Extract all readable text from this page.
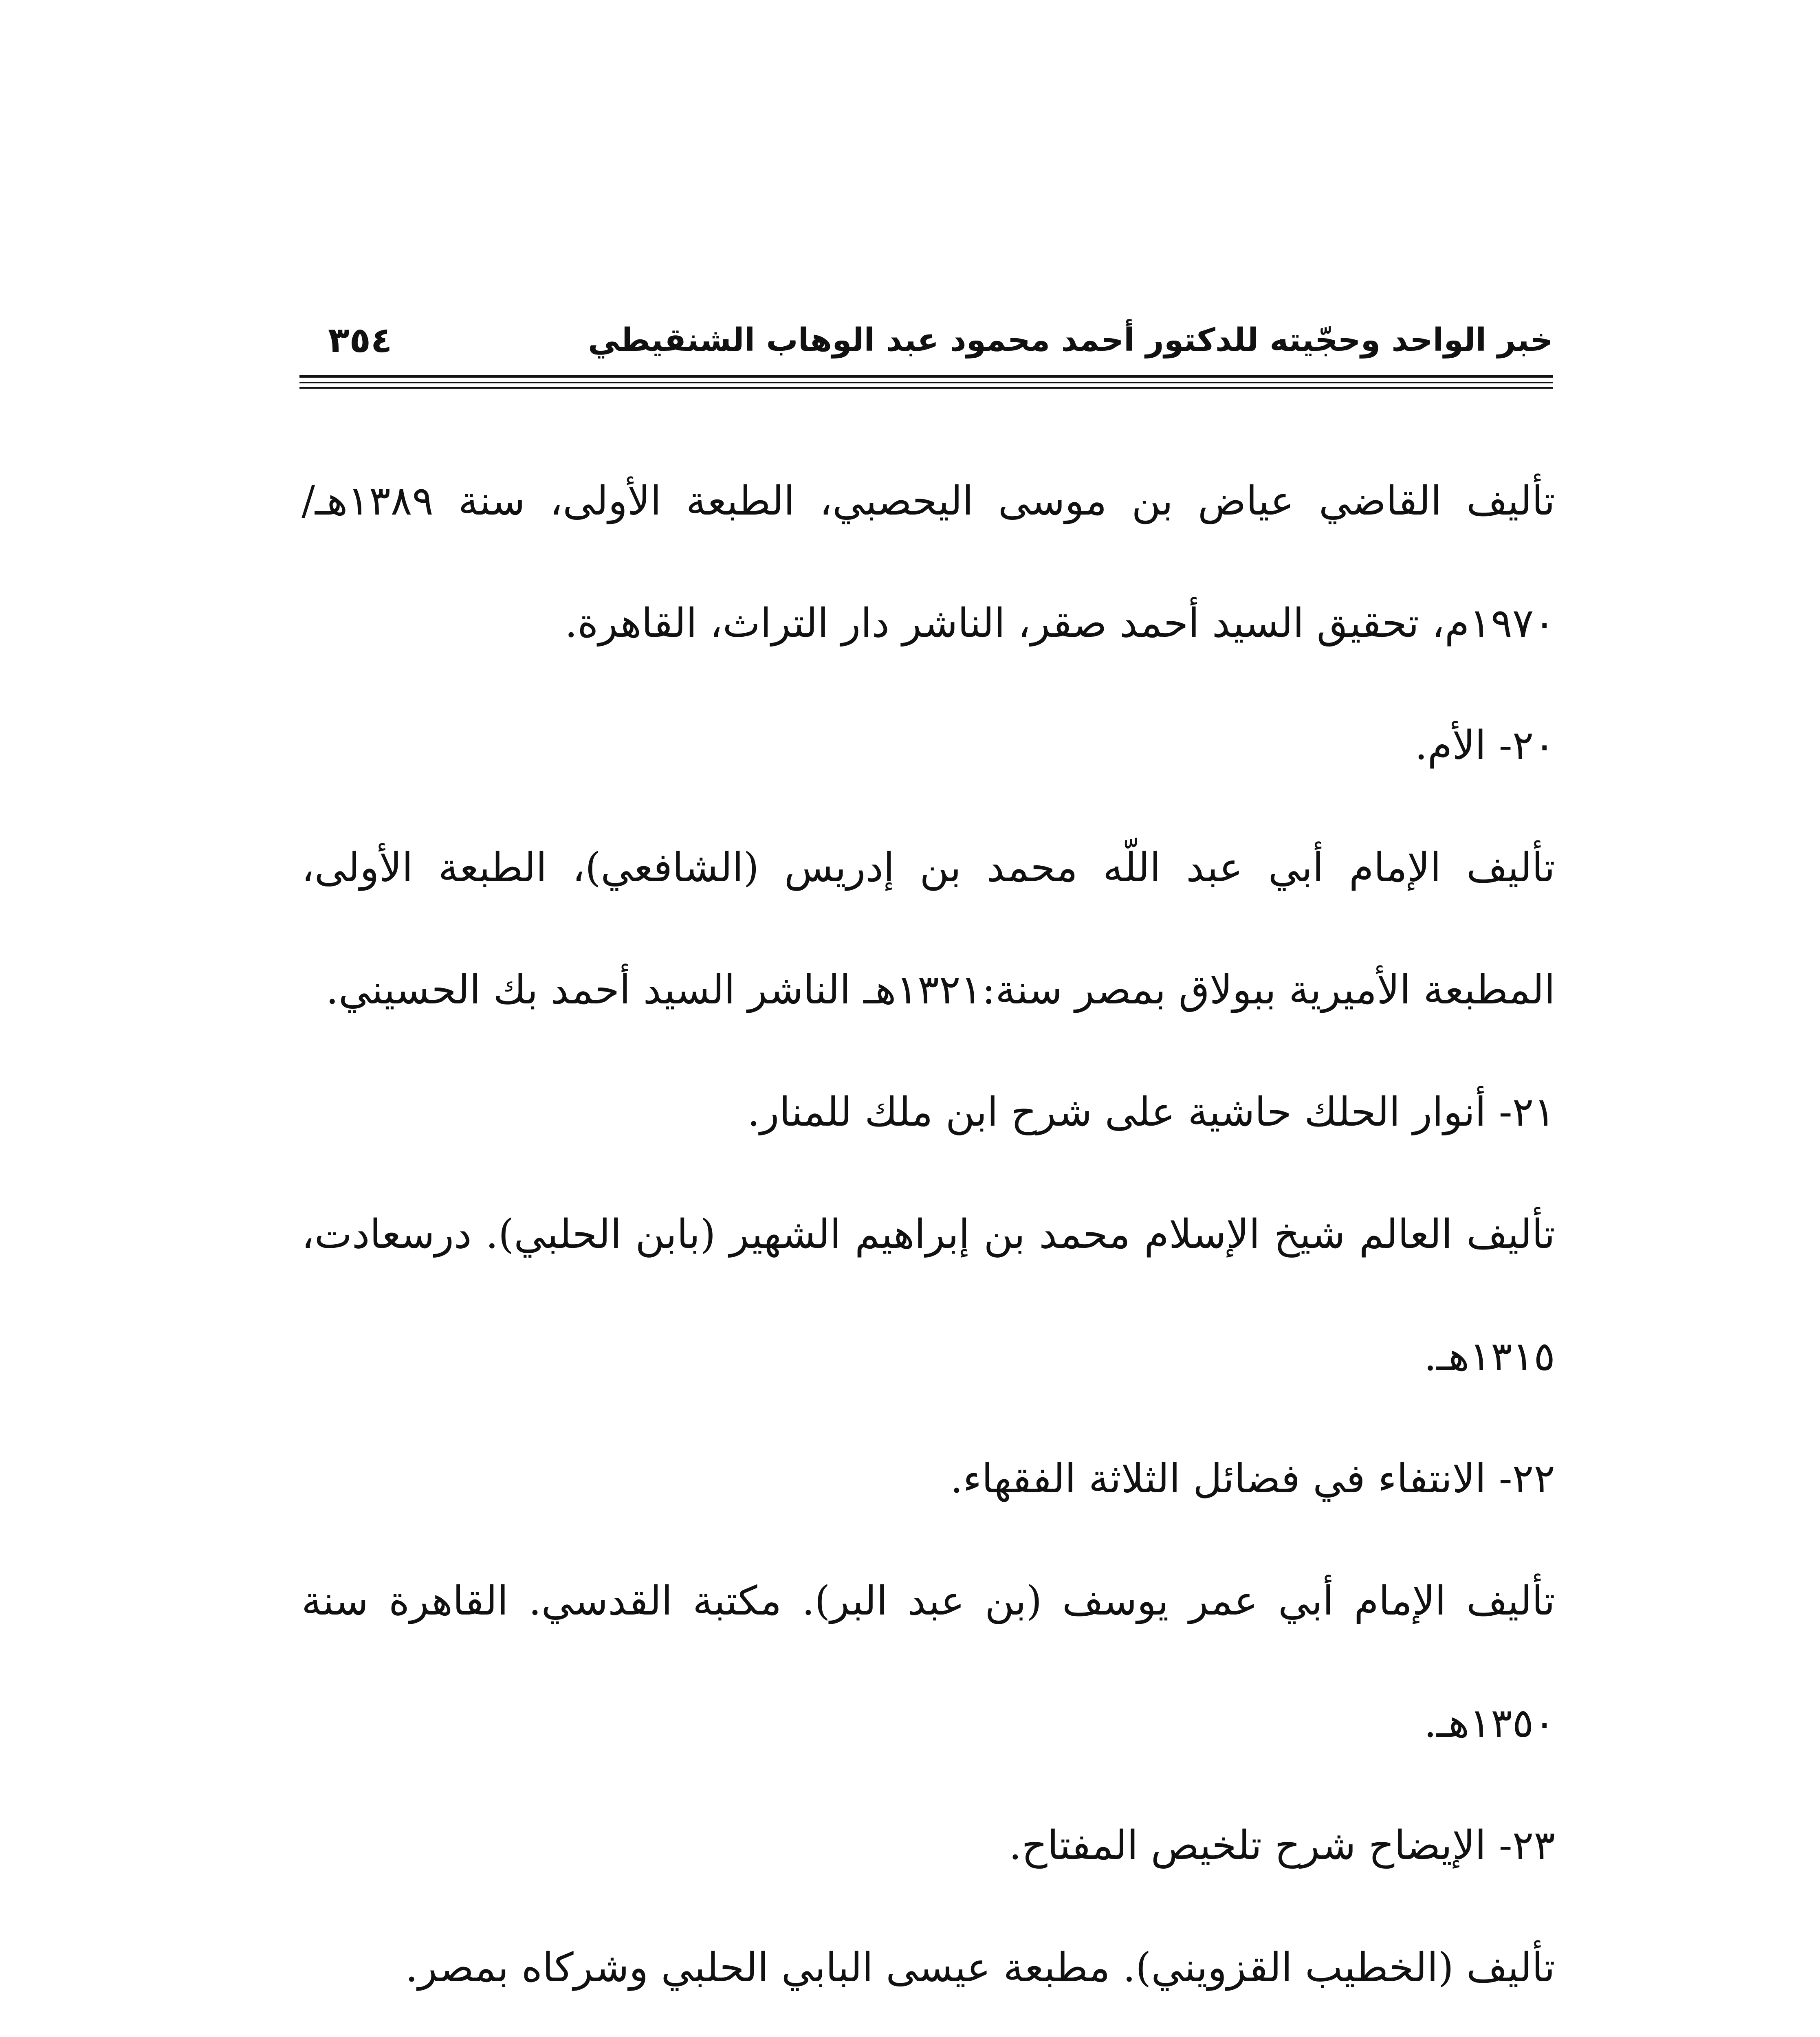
خبر الواحد وحجّيته للدكتور أحمد محمود عبد الوهاب الشنقيطي
٣٥٤

تأليف القاضي عياض بن موسى اليحصبي، الطبعة الأولى، سنة ١٣٨٩هـ/١٩٧٠م، تحقيق السيد أحمد صقر، الناشر دار التراث، القاهرة.

٢٠- الأم.

تأليف الإمام أبي عبد اللّه محمد بن إدريس (الشافعي)، الطبعة الأولى، المطبعة الأميرية ببولاق بمصر سنة:١٣٢١هـ الناشر السيد أحمد بك الحسيني.

٢١- أنوار الحلك حاشية على شرح ابن ملك للمنار.

تأليف العالم شيخ الإسلام محمد بن إبراهيم الشهير (بابن الحلبي). درسعادت، ١٣١٥هـ.

٢٢- الانتفاء في فضائل الثلاثة الفقهاء.

تأليف الإمام أبي عمر يوسف (بن عبد البر). مكتبة القدسي. القاهرة سنة ١٣٥٠هـ.

٢٣- الإيضاح شرح تلخيص المفتاح.

تأليف (الخطيب القزويني). مطبعة عيسى البابي الحلبي وشركاه بمصر.
